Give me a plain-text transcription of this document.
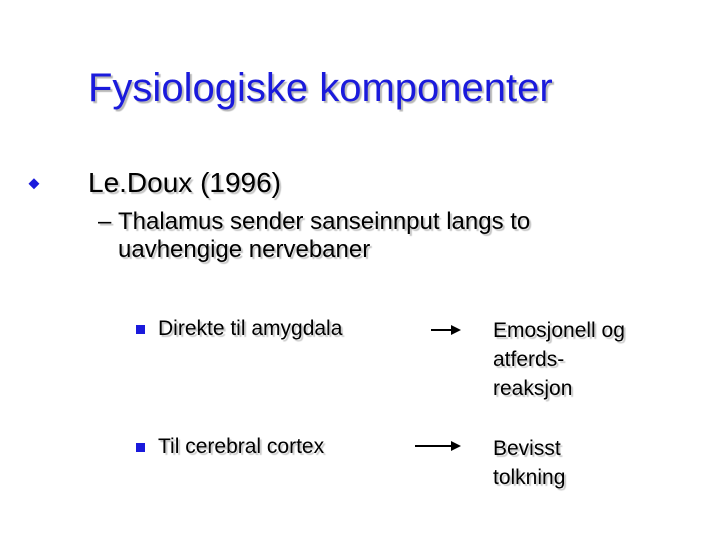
Fysiologiske komponenter
⬥ Le.Doux (1996)
– Thalamus sender sanseinnput langs to uavhengige nervebaner
Direkte til amygdala	Emosjonell og
atferds-
reaksjon
Til cerebral cortex	Bevisst
tolkning
